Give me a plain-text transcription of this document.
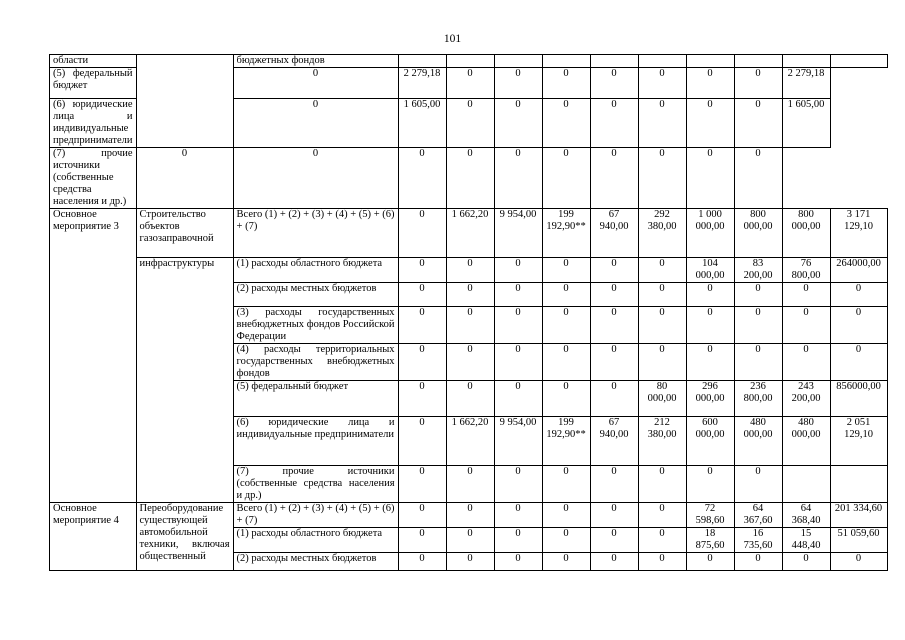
101
области		бюджетных фондов										
(5) федеральный бюджет		0	2 279,18	0	0	0	0	0	0	0	2 279,18	
(6) юридические лица и индивидуальные предприниматели		0	1 605,00	0	0	0	0	0	0	0	1 605,00	
(7) прочие источники (собственные средства населения и др.)	0	0	0	0	0	0	0	0	0	0		
Основное мероприятие 3	Строительство объектов газозаправочной	Всего (1) + (2) + (3) + (4) + (5) + (6) + (7)	0	1 662,20	9 954,00	199 192,90**	67 940,00	292 380,00	1 000 000,00	800 000,00	800 000,00	3 171 129,10
	инфраструктуры	(1) расходы областного бюджета	0	0	0	0	0	0	104 000,00	83 200,00	76 800,00	264000,00
		(2) расходы местных бюджетов	0	0	0	0	0	0	0	0	0	0
		(3) расходы государственных внебюджетных фондов Российской Федерации	0	0	0	0	0	0	0	0	0	0
		(4) расходы территориальных государственных внебюджетных фондов	0	0	0	0	0	0	0	0	0	0
		(5) федеральный бюджет	0	0	0	0	0	80 000,00	296 000,00	236 800,00	243 200,00	856000,00
		(6) юридические лица и индивидуальные предприниматели	0	1 662,20	9 954,00	199 192,90**	67 940,00	212 380,00	600 000,00	480 000,00	480 000,00	2 051 129,10
		(7) прочие источники (собственные средства населения и др.)	0	0	0	0	0	0	0	0		
Основное мероприятие 4	Переоборудование существующей автомобильной техники, включая общественный	Всего (1) + (2) + (3) + (4) + (5) + (6) + (7)	0	0	0	0	0	0	72 598,60	64 367,60	64 368,40	201 334,60
		(1) расходы областного бюджета	0	0	0	0	0	0	18 875,60	16 735,60	15 448,40	51 059,60
		(2) расходы местных бюджетов	0	0	0	0	0	0	0	0	0	0
